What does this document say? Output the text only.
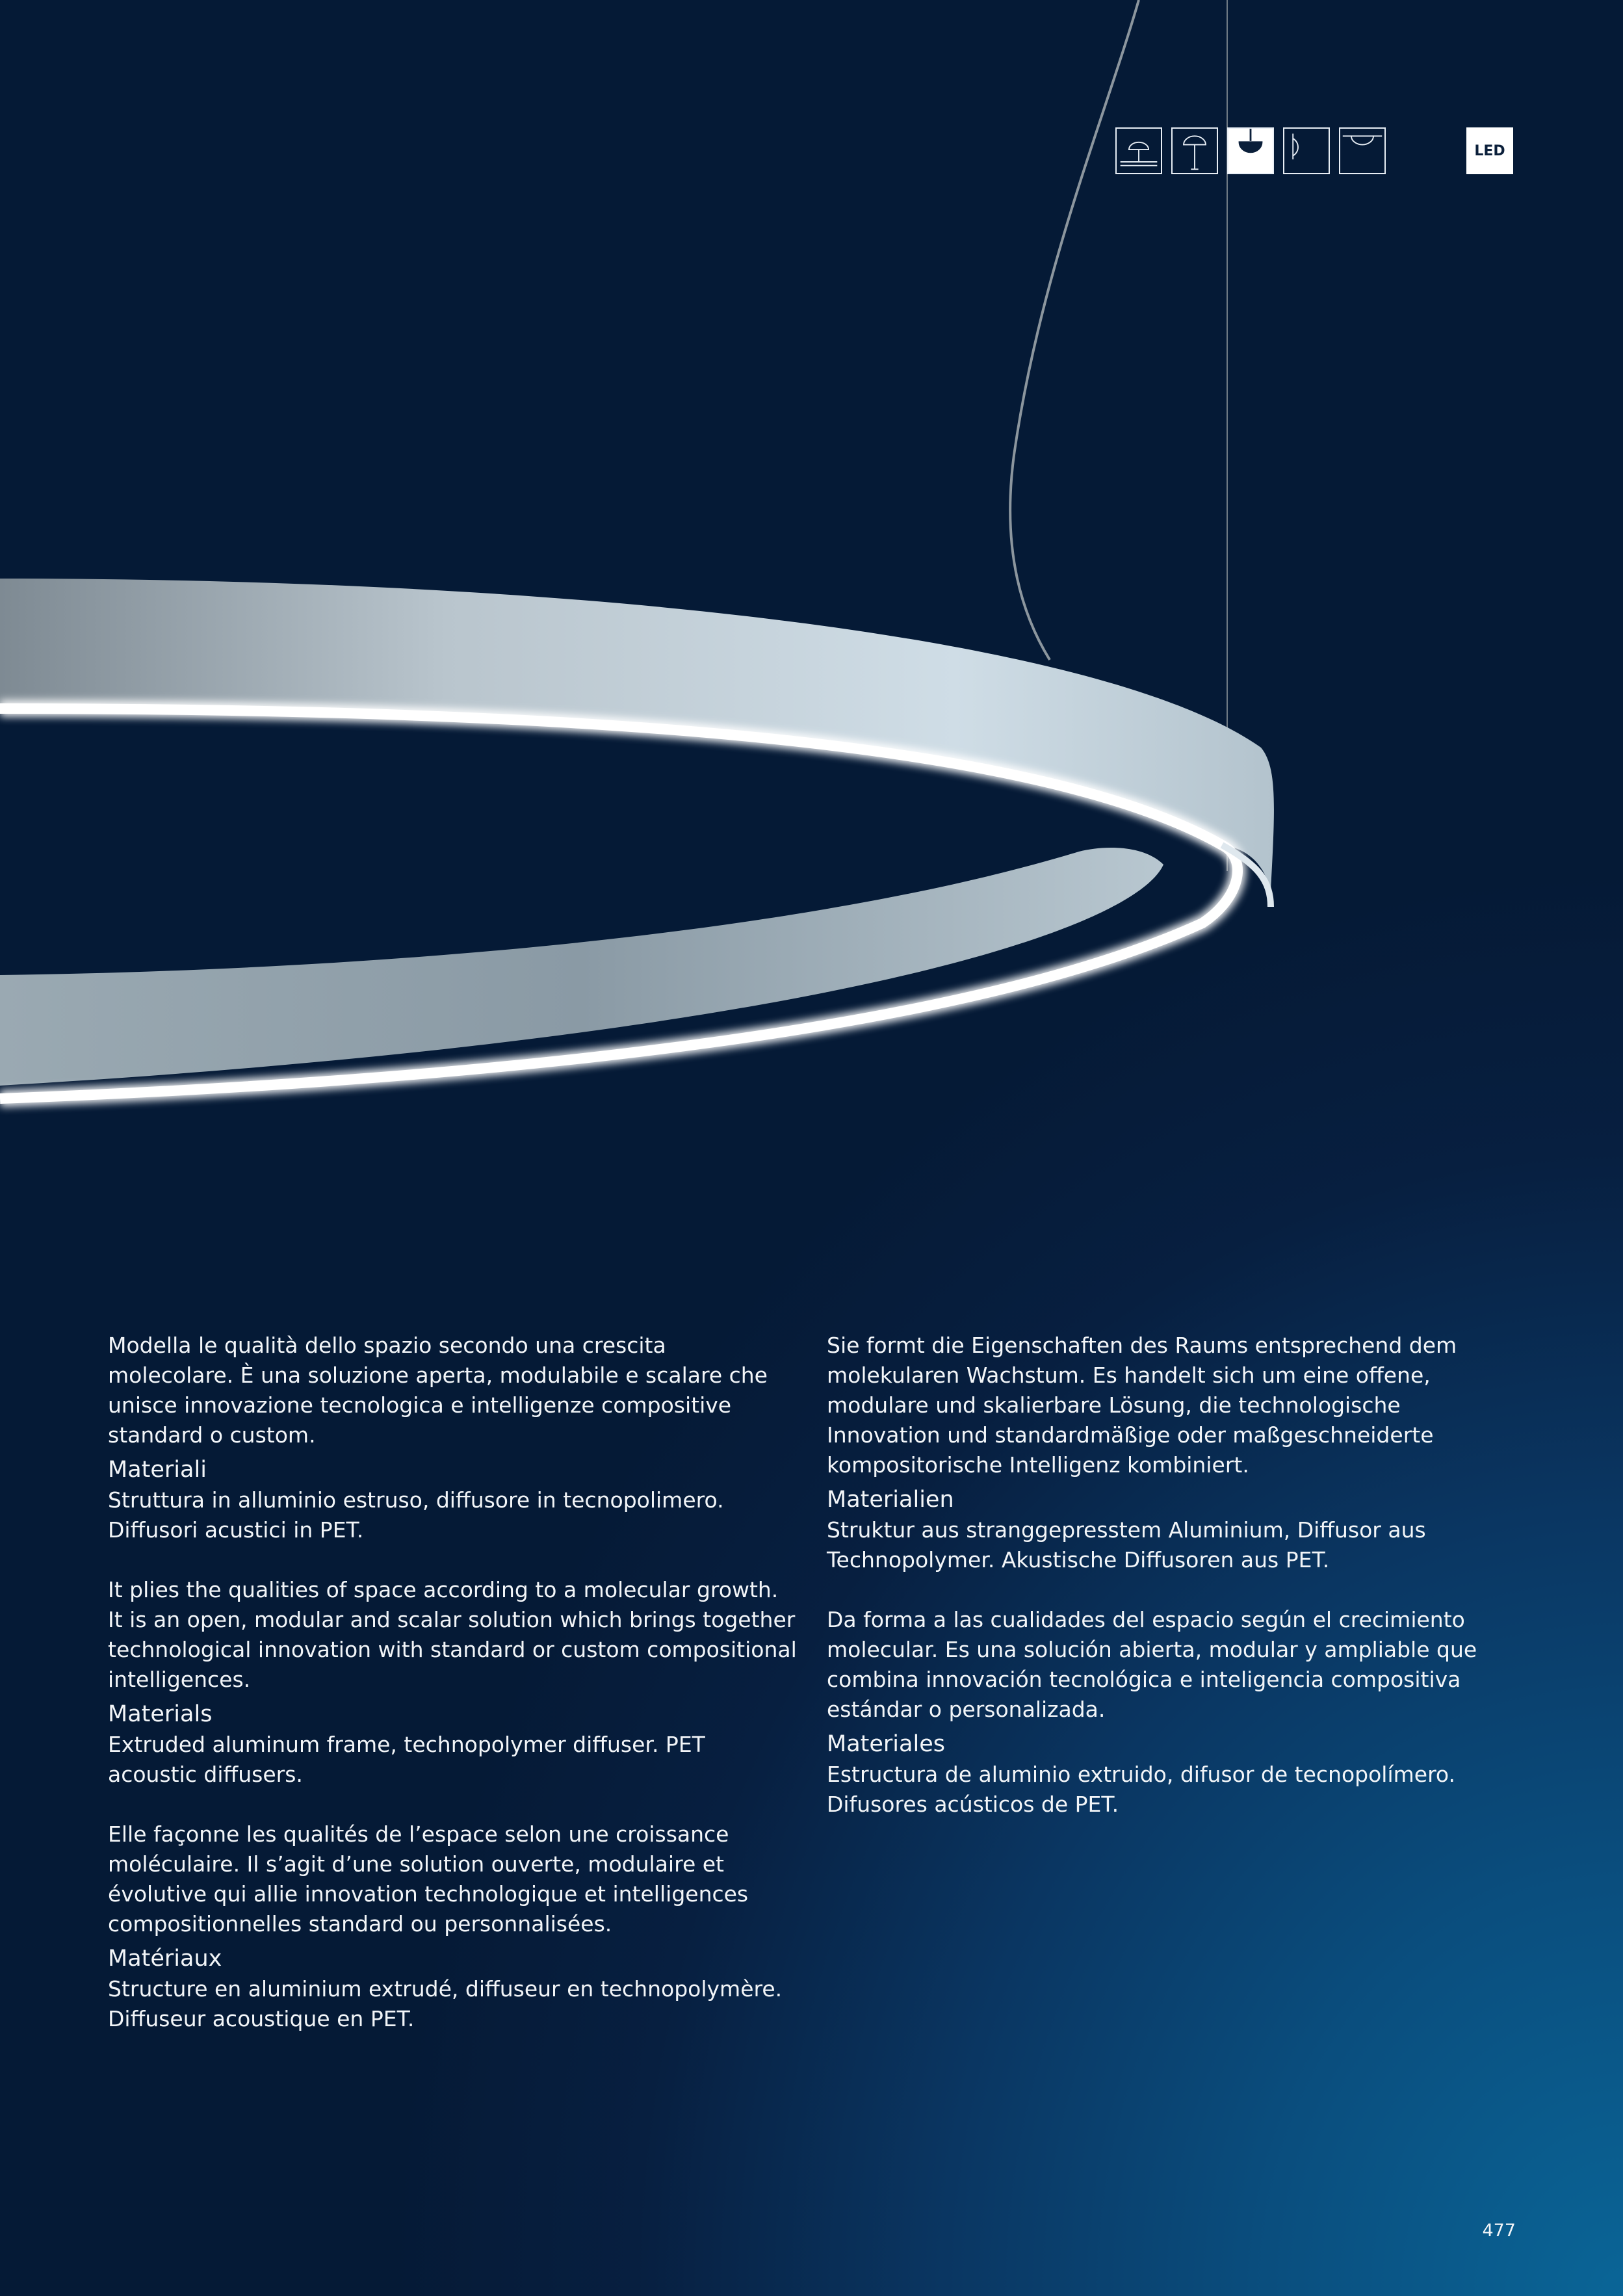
LED

Modella le qualità dello spazio secondo una crescita molecolare. È una soluzione aperta, modulabile e scalare che unisce innovazione tecnologica e intelligenze compositive standard o custom.

Materiali

Struttura in alluminio estruso, diffusore in tecnopolimero. Diffusori acustici in PET.

It plies the qualities of space according to a molecular growth. It is an open, modular and scalar solution which brings together technological innovation with standard or custom compositional intelligences.

Materials

Extruded aluminum frame, technopolymer diffuser. PET acoustic diffusers.

Elle façonne les qualités de l’espace selon une croissance moléculaire. Il s’agit d’une solution ouverte, modulaire et évolutive qui allie innovation technologique et intelligences compositionnelles standard ou personnalisées.

Matériaux

Structure en aluminium extrudé, diffuseur en technopolymère. Diffuseur acoustique en PET.

Sie formt die Eigenschaften des Raums entsprechend dem molekularen Wachstum. Es handelt sich um eine offene, modulare und skalierbare Lösung, die technologische Innovation und standardmäßige oder maßgeschneiderte kompositorische Intelligenz kombiniert.

Materialien

Struktur aus stranggepresstem Aluminium, Diffusor aus Technopolymer. Akustische Diffusoren aus PET.

Da forma a las cualidades del espacio según el crecimiento molecular. Es una solución abierta, modular y ampliable que combina innovación tecnológica e inteligencia compositiva estándar o personalizada.

Materiales

Estructura de aluminio extruido, difusor de tecnopolímero. Difusores acústicos de PET.

477
